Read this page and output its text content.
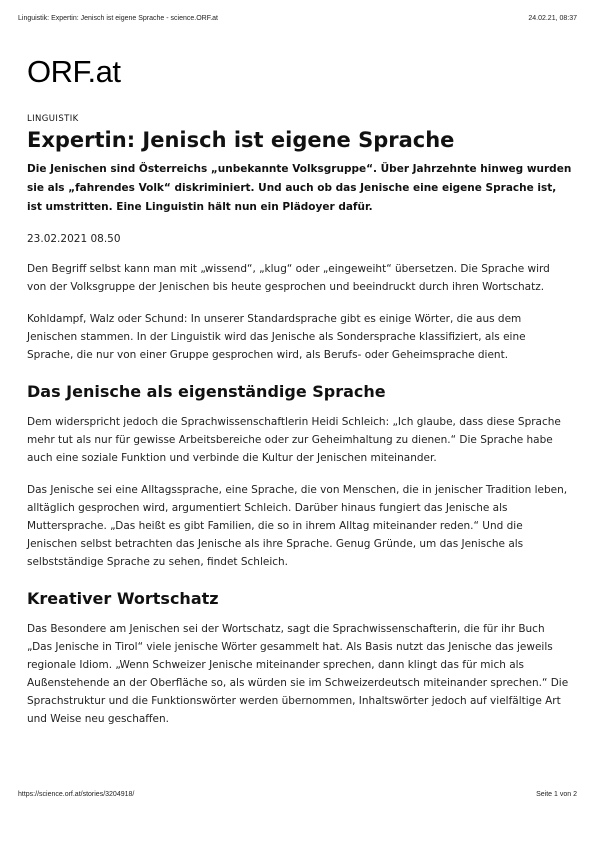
Linguistik: Expertin: Jenisch ist eigene Sprache - science.ORF.at	24.02.21, 08:37
ORF.at
LINGUISTIK
Expertin: Jenisch ist eigene Sprache

Die Jenischen sind Österreichs „unbekannte Volksgruppe“. Über Jahrzehnte hinweg wurden sie als „fahrendes Volk“ diskriminiert. Und auch ob das Jenische eine eigene Sprache ist, ist umstritten. Eine Linguistin hält nun ein Plädoyer dafür.

23.02.2021 08.50

Den Begriff selbst kann man mit „wissend“, „klug“ oder „eingeweiht“ übersetzen. Die Sprache wird von der Volksgruppe der Jenischen bis heute gesprochen und beeindruckt durch ihren Wortschatz.

Kohldampf, Walz oder Schund: In unserer Standardsprache gibt es einige Wörter, die aus dem Jenischen stammen. In der Linguistik wird das Jenische als Sondersprache klassifiziert, als eine Sprache, die nur von einer Gruppe gesprochen wird, als Berufs- oder Geheimsprache dient.

Das Jenische als eigenständige Sprache

Dem widerspricht jedoch die Sprachwissenschaftlerin Heidi Schleich: „Ich glaube, dass diese Sprache mehr tut als nur für gewisse Arbeitsbereiche oder zur Geheimhaltung zu dienen.“ Die Sprache habe auch eine soziale Funktion und verbinde die Kultur der Jenischen miteinander.

Das Jenische sei eine Alltagssprache, eine Sprache, die von Menschen, die in jenischer Tradition leben, alltäglich gesprochen wird, argumentiert Schleich. Darüber hinaus fungiert das Jenische als Muttersprache. „Das heißt es gibt Familien, die so in ihrem Alltag miteinander reden.“ Und die Jenischen selbst betrachten das Jenische als ihre Sprache. Genug Gründe, um das Jenische als selbstständige Sprache zu sehen, findet Schleich.

Kreativer Wortschatz

Das Besondere am Jenischen sei der Wortschatz, sagt die Sprachwissenschafterin, die für ihr Buch „Das Jenische in Tirol“ viele jenische Wörter gesammelt hat. Als Basis nutzt das Jenische das jeweils regionale Idiom. „Wenn Schweizer Jenische miteinander sprechen, dann klingt das für mich als Außenstehende an der Oberfläche so, als würden sie im Schweizerdeutsch miteinander sprechen.“ Die Sprachstruktur und die Funktionswörter werden übernommen, Inhaltswörter jedoch auf vielfältige Art und Weise neu geschaffen.

https://science.orf.at/stories/3204918/	Seite 1 von 2
